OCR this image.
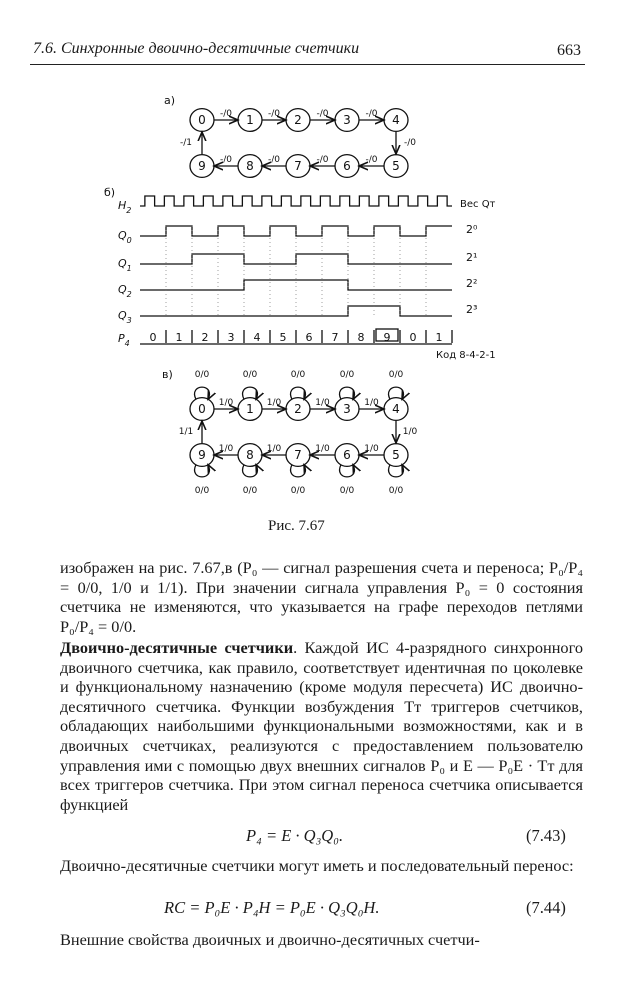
7.6. Синхронные двоично-десятичные счетчики	663

а)
б)
в)
0	1	2	3	4
9	8	7	6	5
-/0
-/0
-/0
-/0
-/0
-/0
-/0
-/0
-/0
-/1
$H_2$
$Q_0$
$Q_1$
$Q_2$
$Q_3$
$P_4$ 0 1 2 3 4 5 6 7 8 9 0 1
Вес Qт
2⁰
2¹
2²
2³
Код 8-4-2-1
0	1	2	3	4
9	8	7	6	5
1/0
1/0
1/0
1/0
1/0
1/0
1/0
1/0
1/0
1/1
0/0	0/0	0/0	0/0	0/0
0/0	0/0	0/0	0/0	0/0

Рис. 7.67

изображен на рис. 7.67,в (P₀ — сигнал разрешения счета и переноса; P₀/P₄ = 0/0, 1/0 и 1/1). При значении сигнала управления P₀ = 0 состояния счетчика не изменяются, что указывается на графе переходов петлями P₀/P₄ = 0/0.

Двоично-десятичные счетчики. Каждой ИС 4-разрядного синхронного двоичного счетчика, как правило, соответствует идентичная по цоколевке и функциональному назначению (кроме модуля пересчета) ИС двоично-десятичного счетчика. Функции возбуждения Tт триггеров счетчиков, обладающих наибольшими функциональными возможностями, как и в двоичных счетчиках, реализуются с предоставлением пользователю управления ими с помощью двух внешних сигналов P₀ и E — P₀E · Tт для всех триггеров счетчика. При этом сигнал переноса счетчика описывается функцией

P₄ = E · Q₃Q₀.	(7.43)

Двоично-десятичные счетчики могут иметь и последовательный перенос:

RC = P₀E · P₄H = P₀E · Q₃Q₀H.	(7.44)

Внешние свойства двоичных и двоично-десятичных счетчи-
